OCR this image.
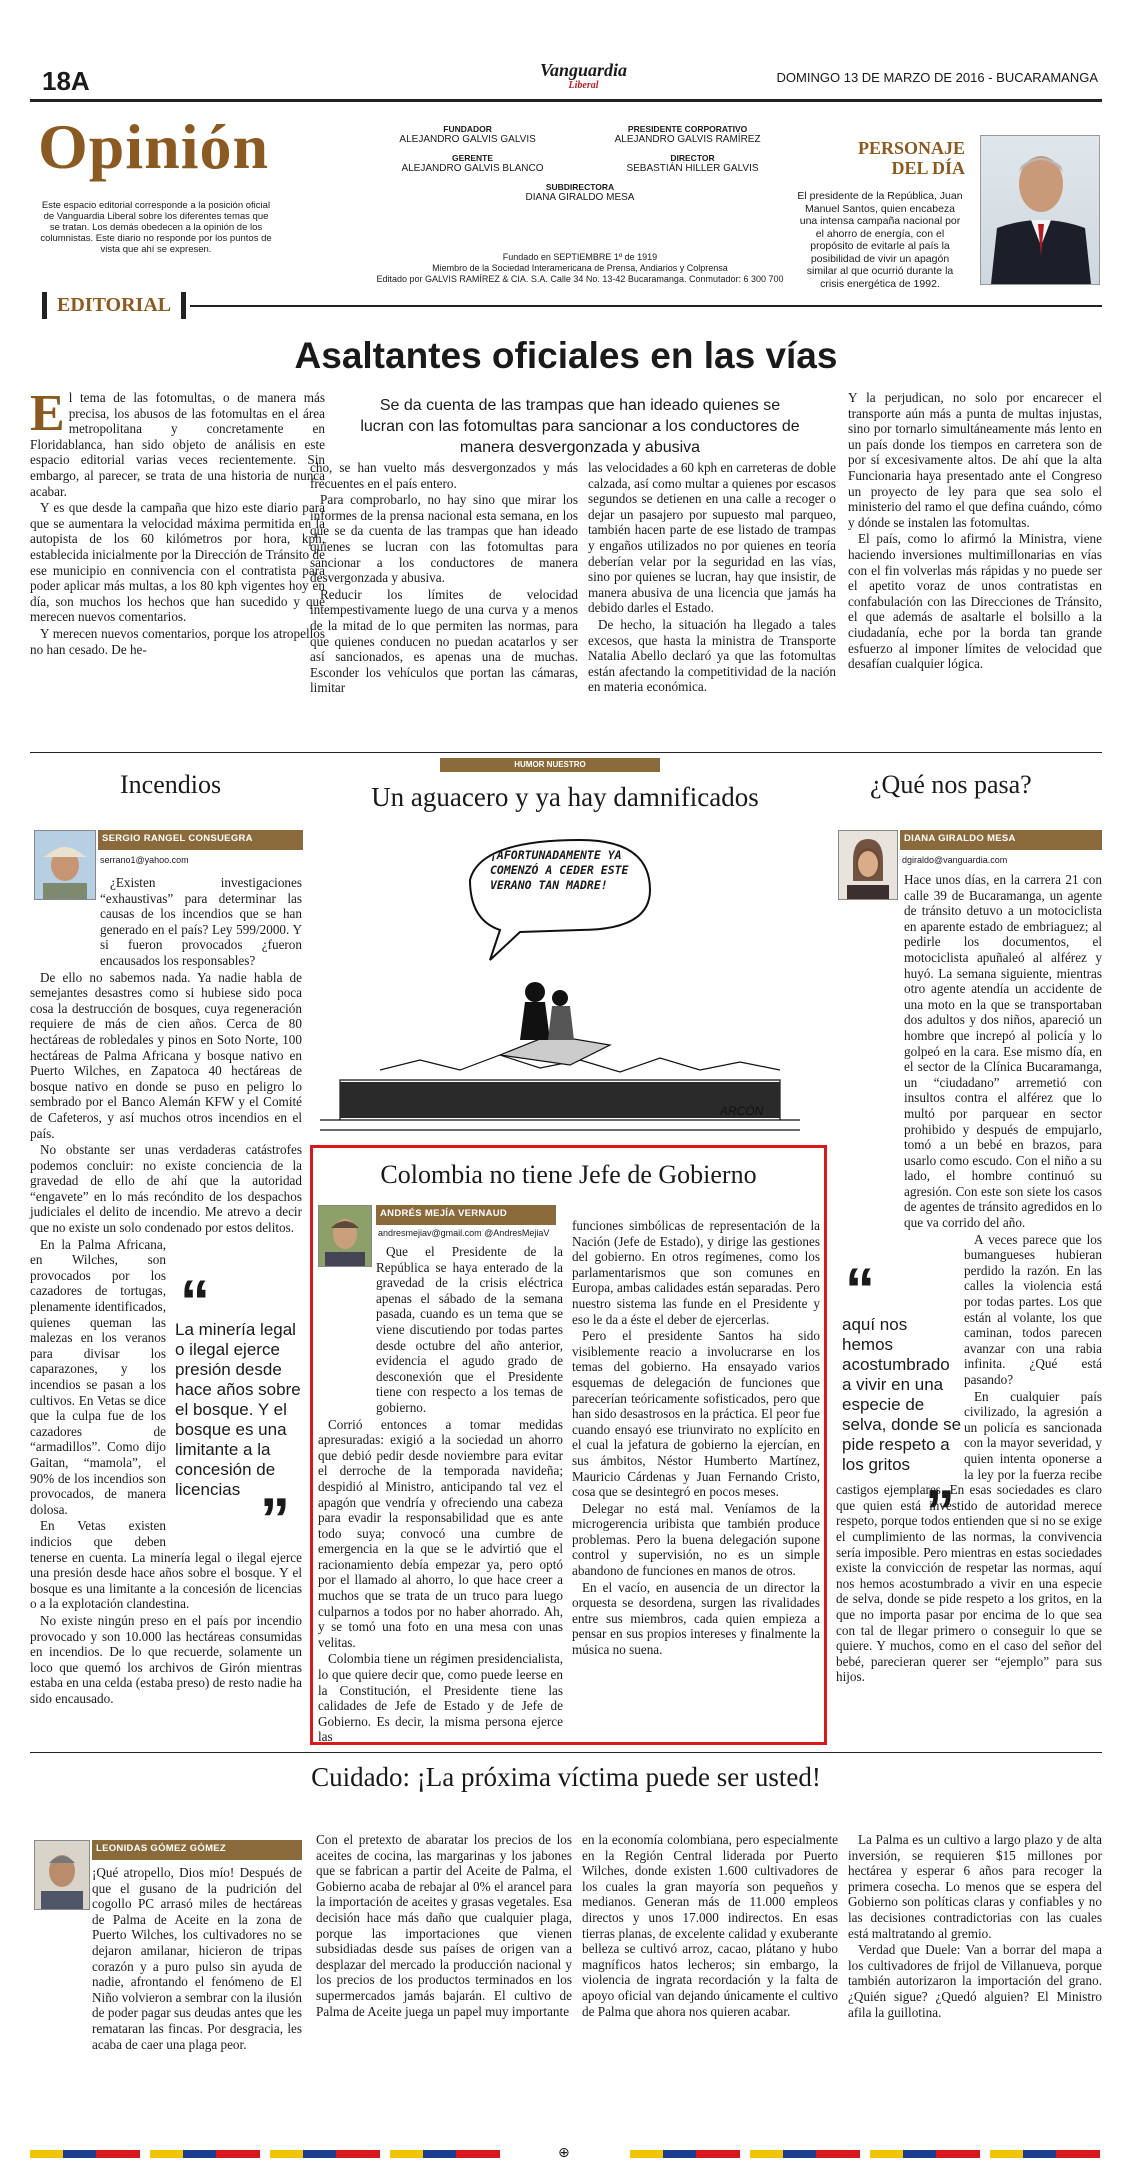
18A	Vanguardia
Liberal
DOMINGO 13 DE MARZO DE 2016 - BUCARAMANGA
Opinión
Este espacio editorial corresponde a la posición oficial de Vanguardia Liberal sobre los diferentes temas que se tratan. Los demás obedecen a la opinión de los columnistas. Este diario no responde por los puntos de vista que ahí se expresen.
FUNDADOR
ALEJANDRO GALVIS GALVIS
PRESIDENTE CORPORATIVO
ALEJANDRO GALVIS RAMÍREZ
GERENTE
ALEJANDRO GALVIS BLANCO
DIRECTOR
SEBASTIÁN HILLER GALVIS
SUBDIRECTORA
DIANA GIRALDO MESA
Fundado en SEPTIEMBRE 1º de 1919
Miembro de la Sociedad Interamericana de Prensa, Andiarios y Colprensa
Editado por GALVIS RAMÍREZ & CIA. S.A. Calle 34 No. 13-42 Bucaramanga. Conmutador: 6 300 700
PERSONAJE DEL DÍA
El presidente de la República, Juan Manuel Santos, quien encabeza una intensa campaña nacional por el ahorro de energía, con el propósito de evitarle al país la posibilidad de vivir un apagón similar al que ocurrió durante la crisis energética de 1992.
EDITORIAL
Asaltantes oficiales en las vías
Se da cuenta de las trampas que han ideado quienes se lucran con las fotomultas para sancionar a los conductores de manera desvergonzada y abusiva
E l tema de las fotomultas, o de manera más precisa, los abusos de las fotomultas en el área metropolitana y concretamente en Floridablanca, han sido objeto de análisis en este espacio editorial varias veces recientemente. Sin embargo, al parecer, se trata de una historia de nunca acabar.

Y es que desde la campaña que hizo este diario para que se aumentara la velocidad máxima permitida en la autopista de los 60 kilómetros por hora, kph, establecida inicialmente por la Dirección de Tránsito de ese municipio en connivencia con el contratista para poder aplicar más multas, a los 80 kph vigentes hoy en día, son muchos los hechos que han sucedido y que merecen nuevos comentarios.

Y merecen nuevos comentarios, porque los atropellos no han cesado. De he-

cho, se han vuelto más desvergonzados y más frecuentes en el país entero.

Para comprobarlo, no hay sino que mirar los informes de la prensa nacional esta semana, en los que se da cuenta de las trampas que han ideado quienes se lucran con las fotomultas para sancionar a los conductores de manera desvergonzada y abusiva.

Reducir los límites de velocidad intempestivamente luego de una curva y a menos de la mitad de lo que permiten las normas, para que quienes conducen no puedan acatarlos y ser así sancionados, es apenas una de muchas. Esconder los vehículos que portan las cámaras, limitar

las velocidades a 60 kph en carreteras de doble calzada, así como multar a quienes por escasos segundos se detienen en una calle a recoger o dejar un pasajero por supuesto mal parqueo, también hacen parte de ese listado de trampas y engaños utilizados no por quienes en teoría deberían velar por la seguridad en las vías, sino por quienes se lucran, hay que insistir, de manera abusiva de una licencia que jamás ha debido darles el Estado.

De hecho, la situación ha llegado a tales excesos, que hasta la ministra de Transporte Natalia Abello declaró ya que las fotomultas están afectando la competitividad de la nación en materia económica.

Y la perjudican, no solo por encarecer el transporte aún más a punta de multas injustas, sino por tornarlo simultáneamente más lento en un país donde los tiempos en carretera son de por sí excesivamente altos. De ahí que la alta Funcionaria haya presentado ante el Congreso un proyecto de ley para que sea solo el ministerio del ramo el que defina cuándo, cómo y dónde se instalen las fotomultas.

El país, como lo afirmó la Ministra, viene haciendo inversiones multimillonarias en vías con el fin volverlas más rápidas y no puede ser el apetito voraz de unos contratistas en confabulación con las Direcciones de Tránsito, el que además de asaltarle el bolsillo a la ciudadanía, eche por la borda tan grande esfuerzo al imponer límites de velocidad que desafían cualquier lógica.

Incendios
SERGIO RANGEL CONSUEGRA
serrano1@yahoo.com

¿Existen investigaciones “exhaustivas” para determinar las causas de los incendios que se han generado en el país? Ley 599/2000. Y si fueron provocados ¿fueron encausados los responsables?

De ello no sabemos nada. Ya nadie habla de semejantes desastres como si hubiese sido poca cosa la destrucción de bosques, cuya regeneración requiere de más de cien años. Cerca de 80 hectáreas de robledales y pinos en Soto Norte, 100 hectáreas de Palma Africana y bosque nativo en Puerto Wilches, en Zapatoca 40 hectáreas de bosque nativo en donde se puso en peligro lo sembrado por el Banco Alemán KFW y el Comité de Cafeteros, y así muchos otros incendios en el país.

No obstante ser unas verdaderas catástrofes podemos concluir: no existe conciencia de la gravedad de ello de ahí que la autoridad “engavete” en lo más recóndito de los despachos judiciales el delito de incendio. Me atrevo a decir que no existe un solo condenado por estos delitos.

En la Palma Africana, en Wilches, son provocados por los cazadores de tortugas, plenamente identificados, quienes queman las malezas en los veranos para divisar los caparazones, y los incendios se pasan a los cultivos. En Vetas se dice que la culpa fue de los cazadores de “armadillos”. Como dijo Gaitan, “mamola”, el 90% de los incendios son provocados, de manera dolosa.

En Vetas existen indicios que deben tenerse en cuenta. La minería legal o ilegal ejerce una presión desde hace años sobre el bosque. Y el bosque es una limitante a la concesión de licencias o a la explotación clandestina.

No existe ningún preso en el país por incendio provocado y son 10.000 las hectáreas consumidas en incendios. De lo que recuerde, solamente un loco que quemó los archivos de Girón mientras estaba en una celda (estaba preso) de resto nadie ha sido encausado.

“
La minería legal o ilegal ejerce presión desde hace años sobre el bosque. Y el bosque es una limitante a la concesión de licencias ”
HUMOR NUESTRO
Un aguacero y ya hay damnificados
ARCÓN
¡AFORTUNADAMENTE YA COMENZÓ A CEDER ESTE VERANO TAN MADRE!
Colombia no tiene Jefe de Gobierno
ANDRÉS MEJÍA VERNAUD
andresmejiav@gmail.com @AndresMejiaV

Que el Presidente de la República se haya enterado de la gravedad de la crisis eléctrica apenas el sábado de la semana pasada, cuando es un tema que se viene discutiendo por todas partes desde octubre del año anterior, evidencia el agudo grado de desconexión que el Presidente tiene con respecto a los temas de gobierno.

Corrió entonces a tomar medidas apresuradas: exigió a la sociedad un ahorro que debió pedir desde noviembre para evitar el derroche de la temporada navideña; despidió al Ministro, anticipando tal vez el apagón que vendría y ofreciendo una cabeza para evadir la responsabilidad que es ante todo suya; convocó una cumbre de emergencia en la que se le advirtió que el racionamiento debía empezar ya, pero optó por el llamado al ahorro, lo que hace creer a muchos que se trata de un truco para luego culparnos a todos por no haber ahorrado. Ah, y se tomó una foto en una mesa con unas velitas.

Colombia tiene un régimen presidencialista, lo que quiere decir que, como puede leerse en la Constitución, el Presidente tiene las calidades de Jefe de Estado y de Jefe de Gobierno. Es decir, la misma persona ejerce las

funciones simbólicas de representación de la Nación (Jefe de Estado), y dirige las gestiones del gobierno. En otros regímenes, como los parlamentarismos que son comunes en Europa, ambas calidades están separadas. Pero nuestro sistema las funde en el Presidente y eso le da a éste el deber de ejercerlas.

Pero el presidente Santos ha sido visiblemente reacio a involucrarse en los temas del gobierno. Ha ensayado varios esquemas de delegación de funciones que parecerían teóricamente sofisticados, pero que han sido desastrosos en la práctica. El peor fue cuando ensayó ese triunvirato no explícito en el cual la jefatura de gobierno la ejercían, en sus ámbitos, Néstor Humberto Martínez, Mauricio Cárdenas y Juan Fernando Cristo, cosa que se desintegró en pocos meses.

Delegar no está mal. Veníamos de la microgerencia uribista que también produce problemas. Pero la buena delegación supone control y supervisión, no es un simple abandono de funciones en manos de otros.

En el vacío, en ausencia de un director la orquesta se desordena, surgen las rivalidades entre sus miembros, cada quien empieza a pensar en sus propios intereses y finalmente la música no suena.

¿Qué nos pasa?
DIANA GIRALDO MESA
dgiraldo@vanguardia.com

Hace unos días, en la carrera 21 con calle 39 de Bucaramanga, un agente de tránsito detuvo a un motociclista en aparente estado de embriaguez; al pedirle los documentos, el motociclista apuñaleó al alférez y huyó. La semana siguiente, mientras otro agente atendía un accidente de una moto en la que se transportaban dos adultos y dos niños, apareció un hombre que increpó al policía y lo golpeó en la cara. Ese mismo día, en el sector de la Clínica Bucaramanga, un “ciudadano” arremetió con insultos contra el alférez que lo multó por parquear en sector prohibido y después de empujarlo, tomó a un bebé en brazos, para usarlo como escudo. Con el niño a su lado, el hombre continuó su agresión. Con este son siete los casos de agentes de tránsito agredidos en lo que va corrido del año.

A veces parece que los bumangueses hubieran perdido la razón. En las calles la violencia está por todas partes. Los que están al volante, los que caminan, todos parecen avanzar con una rabia infinita. ¿Qué está pasando?

En cualquier país civilizado, la agresión a un policía es sancionada con la mayor severidad, y quien intenta oponerse a la ley por la fuerza recibe castigos ejemplares. En esas sociedades es claro que quien está investido de autoridad merece respeto, porque todos entienden que si no se exige el cumplimiento de las normas, la convivencia sería imposible. Pero mientras en estas sociedades existe la convicción de respetar las normas, aquí nos hemos acostumbrado a vivir en una especie de selva, donde se pide respeto a los gritos, en la que no importa pasar por encima de lo que sea con tal de llegar primero o conseguir lo que se quiere. Y muchos, como en el caso del señor del bebé, parecieran querer ser “ejemplo” para sus hijos.

“
aquí nos hemos acostumbrado a vivir en una especie de selva, donde se pide respeto a los gritos
”
Cuidado: ¡La próxima víctima puede ser usted!
LEONIDAS GÓMEZ GÓMEZ

¡Qué atropello, Dios mío! Después de que el gusano de la pudrición del cogollo PC arrasó miles de hectáreas de Palma de Aceite en la zona de Puerto Wilches, los cultivadores no se dejaron amilanar, hicieron de tripas corazón y a puro pulso sin ayuda de nadie, afrontando el fenómeno de El Niño volvieron a sembrar con la ilusión de poder pagar sus deudas antes que les remataran las fincas. Por desgracia, les acaba de caer una plaga peor.

Con el pretexto de abaratar los precios de los aceites de cocina, las margarinas y los jabones que se fabrican a partir del Aceite de Palma, el Gobierno acaba de rebajar al 0% el arancel para la importación de aceites y grasas vegetales. Esa decisión hace más daño que cualquier plaga, porque las importaciones que vienen subsidiadas desde sus países de origen van a desplazar del mercado la producción nacional y los precios de los productos terminados en los supermercados jamás bajarán. El cultivo de Palma de Aceite juega un papel muy importante

en la economía colombiana, pero especialmente en la Región Central liderada por Puerto Wilches, donde existen 1.600 cultivadores de los cuales la gran mayoría son pequeños y medianos. Generan más de 11.000 empleos directos y unos 17.000 indirectos. En esas tierras planas, de excelente calidad y exuberante belleza se cultivó arroz, cacao, plátano y hubo magníficos hatos lecheros; sin embargo, la violencia de ingrata recordación y la falta de apoyo oficial van dejando únicamente el cultivo de Palma que ahora nos quieren acabar.

La Palma es un cultivo a largo plazo y de alta inversión, se requieren $15 millones por hectárea y esperar 6 años para recoger la primera cosecha. Lo menos que se espera del Gobierno son políticas claras y confiables y no las decisiones contradictorias con las cuales está maltratando al gremio.

Verdad que Duele: Van a borrar del mapa a los cultivadores de frijol de Villanueva, porque también autorizaron la importación del grano. ¿Quién sigue? ¿Quedó alguien? El Ministro afila la guillotina.

⊕
